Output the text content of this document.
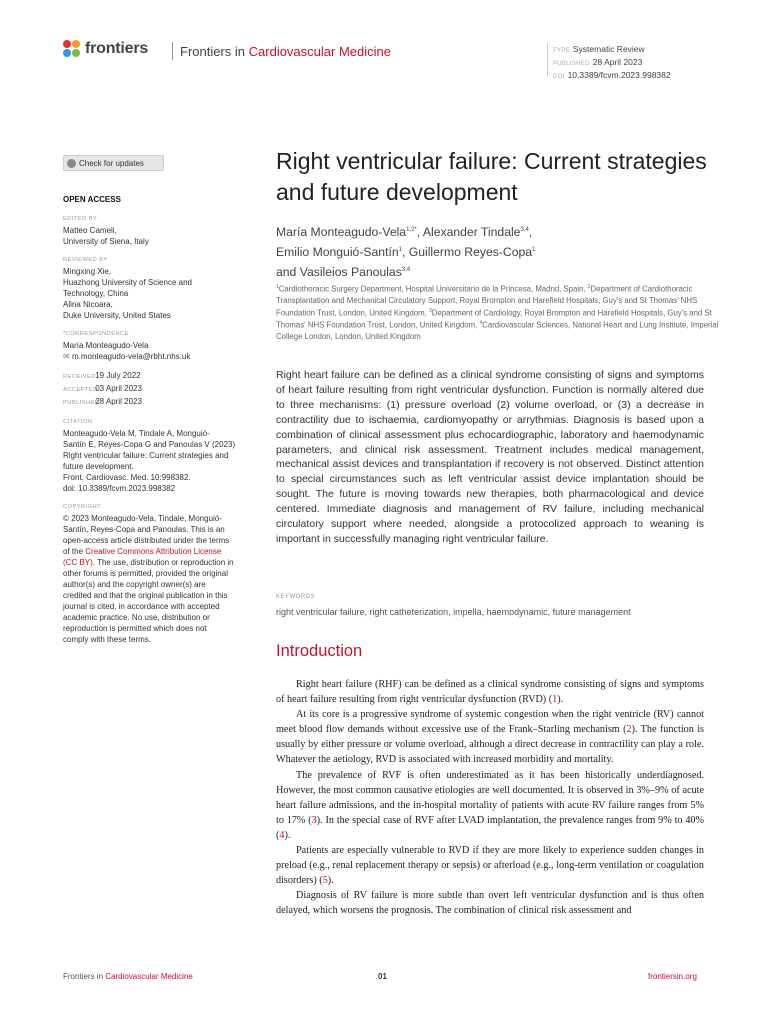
frontiers Frontiers in Cardiovascular Medicine	TYPE Systematic Review
PUBLISHED 28 April 2023
DOI 10.3389/fcvm.2023.998382
Check for updates
OPEN ACCESS
EDITED BY
Matteo Cameli,
University of Siena, Italy
REVIEWED BY
Mingxing Xie,
Huazhong University of Science and
Technology, China
Alina Nicoara,
Duke University, United States
*CORRESPONDENCE
María Monteagudo-Vela
✉ m.monteagudo-vela@rbht.nhs.uk
RECEIVED 19 July 2022
ACCEPTED 03 April 2023
PUBLISHED 28 April 2023
CITATION
Monteagudo-Vela M, Tindale A, Monguió-
Santín E, Reyes-Copa G and Panoulas V (2023)
Right ventricular failure: Current strategies and
future development.
Front. Cardiovasc. Med. 10:998382.
doi: 10.3389/fcvm.2023.998382
COPYRIGHT
© 2023 Monteagudo-Vela, Tindale, Monguió-
Santín, Reyes-Copa and Panoulas. This is an
open-access article distributed under the terms
of the Creative Commons Attribution License
(CC BY). The use, distribution or reproduction in
other forums is permitted, provided the original
author(s) and the copyright owner(s) are
credited and that the original publication in this
journal is cited, in accordance with accepted
academic practice. No use, distribution or
reproduction is permitted which does not
comply with these terms.
Right ventricular failure: Current strategies and future development
María Monteagudo-Vela$^{1,2*}$, Alexander Tindale$^{3,4}$,
Emilio Monguió-Santín$^1$, Guillermo Reyes-Copa$^1$
and Vasileios Panoulas$^{3,4}$
$^1$Cardiothoracic Surgery Department, Hospital Universitario de la Princesa, Madrid, Spain, $^2$Department of Cardiothoracic Transplantation and Mechanical Circulatory Support, Royal Brompton and Harefield Hospitals, Guy's and St Thomas' NHS Foundation Trust, London, United Kingdom, $^3$Department of Cardiology, Royal Brompton and Harefield Hospitals, Guy's and St Thomas' NHS Foundation Trust, London, United Kingdom, $^4$Cardiovascular Sciences, National Heart and Lung Institute, Imperial College London, London, United Kingdom
Right heart failure can be defined as a clinical syndrome consisting of signs and symptoms of heart failure resulting from right ventricular dysfunction. Function is normally altered due to three mechanisms: (1) pressure overload (2) volume overload, or (3) a decrease in contractility due to ischaemia, cardiomyopathy or arrythmias. Diagnosis is based upon a combination of clinical assessment plus echocardiographic, laboratory and haemodynamic parameters, and clinical risk assessment. Treatment includes medical management, mechanical assist devices and transplantation if recovery is not observed. Distinct attention to special circumstances such as left ventricular assist device implantation should be sought. The future is moving towards new therapies, both pharmacological and device centered. Immediate diagnosis and management of RV failure, including mechanical circulatory support where needed, alongside a protocolized approach to weaning is important in successfully managing right ventricular failure.
KEYWORDS
right ventricular failure, right catheterization, impella, haemodynamic, future management
Introduction

Right heart failure (RHF) can be defined as a clinical syndrome consisting of signs and symptoms of heart failure resulting from right ventricular dysfunction (RVD) (1).

At its core is a progressive syndrome of systemic congestion when the right ventricle (RV) cannot meet blood flow demands without excessive use of the Frank–Starling mechanism (2). The function is usually by either pressure or volume overload, although a direct decrease in contractility can play a role. Whatever the aetiology, RVD is associated with increased morbidity and mortality.

The prevalence of RVF is often underestimated as it has been historically underdiagnosed. However, the most common causative etiologies are well documented. It is observed in 3%–9% of acute heart failure admissions, and the in-hospital mortality of patients with acute RV failure ranges from 5% to 17% (3). In the special case of RVF after LVAD implantation, the prevalence ranges from 9% to 40% (4).

Patients are especially vulnerable to RVD if they are more likely to experience sudden changes in preload (e.g., renal replacement therapy or sepsis) or afterload (e.g., long-term ventilation or coagulation disorders) (5).

Diagnosis of RV failure is more subtle than overt left ventricular dysfunction and is thus often delayed, which worsens the prognosis. The combination of clinical risk assessment and

Frontiers in Cardiovascular Medicine	01	frontiersin.org
